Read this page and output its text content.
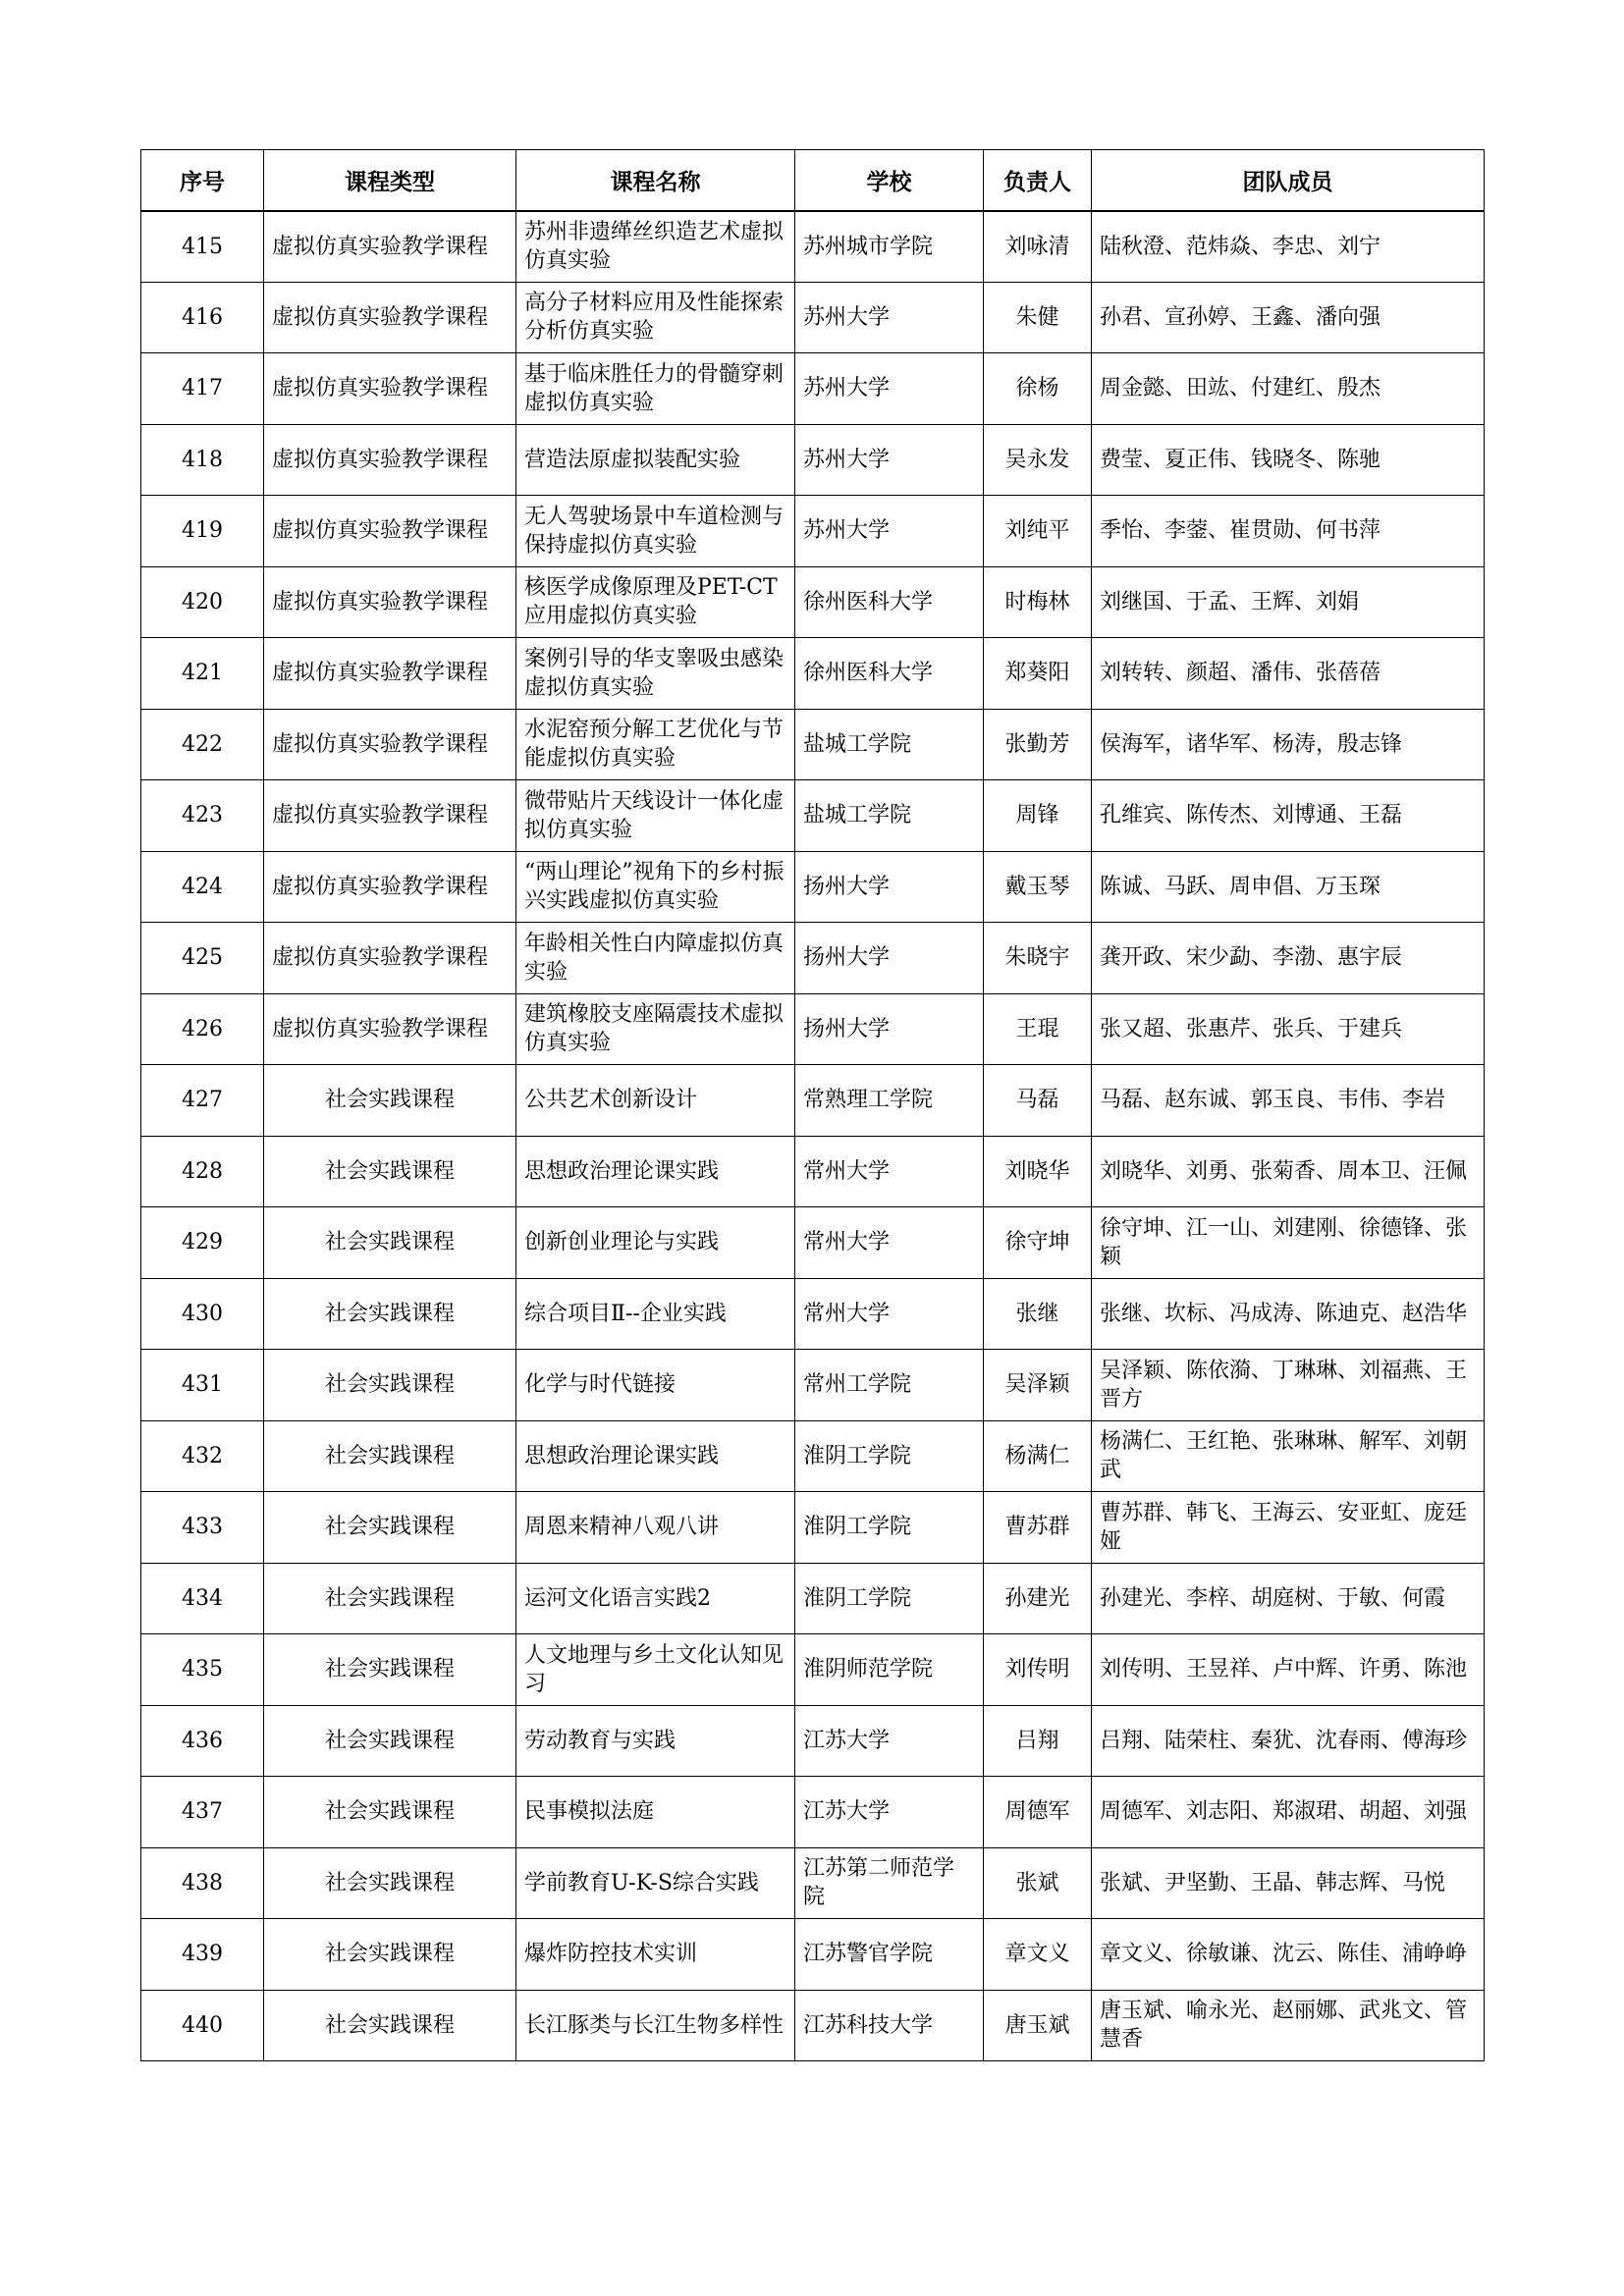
序号	课程类型	课程名称	学校	负责人	团队成员
415	虚拟仿真实验教学课程	苏州非遗缂丝织造艺术虚拟仿真实验	苏州城市学院	刘咏清	陆秋澄、范炜焱、李忠、刘宁
416	虚拟仿真实验教学课程	高分子材料应用及性能探索分析仿真实验	苏州大学	朱健	孙君、宣孙婷、王鑫、潘向强
417	虚拟仿真实验教学课程	基于临床胜任力的骨髓穿刺虚拟仿真实验	苏州大学	徐杨	周金懿、田竑、付建红、殷杰
418	虚拟仿真实验教学课程	营造法原虚拟装配实验	苏州大学	吴永发	费莹、夏正伟、钱晓冬、陈驰
419	虚拟仿真实验教学课程	无人驾驶场景中车道检测与保持虚拟仿真实验	苏州大学	刘纯平	季怡、李蓥、崔贯勋、何书萍
420	虚拟仿真实验教学课程	核医学成像原理及PET-CT应用虚拟仿真实验	徐州医科大学	时梅林	刘继国、于孟、王辉、刘娟
421	虚拟仿真实验教学课程	案例引导的华支睾吸虫感染虚拟仿真实验	徐州医科大学	郑葵阳	刘转转、颜超、潘伟、张蓓蓓
422	虚拟仿真实验教学课程	水泥窑预分解工艺优化与节能虚拟仿真实验	盐城工学院	张勤芳	侯海军，诸华军、杨涛，殷志锋
423	虚拟仿真实验教学课程	微带贴片天线设计一体化虚拟仿真实验	盐城工学院	周锋	孔维宾、陈传杰、刘博通、王磊
424	虚拟仿真实验教学课程	“两山理论”视角下的乡村振兴实践虚拟仿真实验	扬州大学	戴玉琴	陈诚、马跃、周申倡、万玉琛
425	虚拟仿真实验教学课程	年龄相关性白内障虚拟仿真实验	扬州大学	朱晓宇	龚开政、宋少勐、李渤、惠宇辰
426	虚拟仿真实验教学课程	建筑橡胶支座隔震技术虚拟仿真实验	扬州大学	王琨	张又超、张惠芹、张兵、于建兵
427	社会实践课程	公共艺术创新设计	常熟理工学院	马磊	马磊、赵东诚、郭玉良、韦伟、李岩
428	社会实践课程	思想政治理论课实践	常州大学	刘晓华	刘晓华、刘勇、张菊香、周本卫、汪佩
429	社会实践课程	创新创业理论与实践	常州大学	徐守坤	徐守坤、江一山、刘建刚、徐德锋、张颖
430	社会实践课程	综合项目Ⅱ--企业实践	常州大学	张继	张继、坎标、冯成涛、陈迪克、赵浩华
431	社会实践课程	化学与时代链接	常州工学院	吴泽颖	吴泽颖、陈依漪、丁琳琳、刘福燕、王晋方
432	社会实践课程	思想政治理论课实践	淮阴工学院	杨满仁	杨满仁、王红艳、张琳琳、解军、刘朝武
433	社会实践课程	周恩来精神八观八讲	淮阴工学院	曹苏群	曹苏群、韩飞、王海云、安亚虹、庞廷娅
434	社会实践课程	运河文化语言实践2	淮阴工学院	孙建光	孙建光、李梓、胡庭树、于敏、何霞
435	社会实践课程	人文地理与乡土文化认知见习	淮阴师范学院	刘传明	刘传明、王昱祥、卢中辉、许勇、陈池
436	社会实践课程	劳动教育与实践	江苏大学	吕翔	吕翔、陆荣柱、秦犹、沈春雨、傅海珍
437	社会实践课程	民事模拟法庭	江苏大学	周德军	周德军、刘志阳、郑淑珺、胡超、刘强
438	社会实践课程	学前教育U-K-S综合实践	江苏第二师范学院	张斌	张斌、尹坚勤、王晶、韩志辉、马悦
439	社会实践课程	爆炸防控技术实训	江苏警官学院	章文义	章文义、徐敏谦、沈云、陈佳、浦峥峥
440	社会实践课程	长江豚类与长江生物多样性	江苏科技大学	唐玉斌	唐玉斌、喻永光、赵丽娜、武兆文、管慧香
